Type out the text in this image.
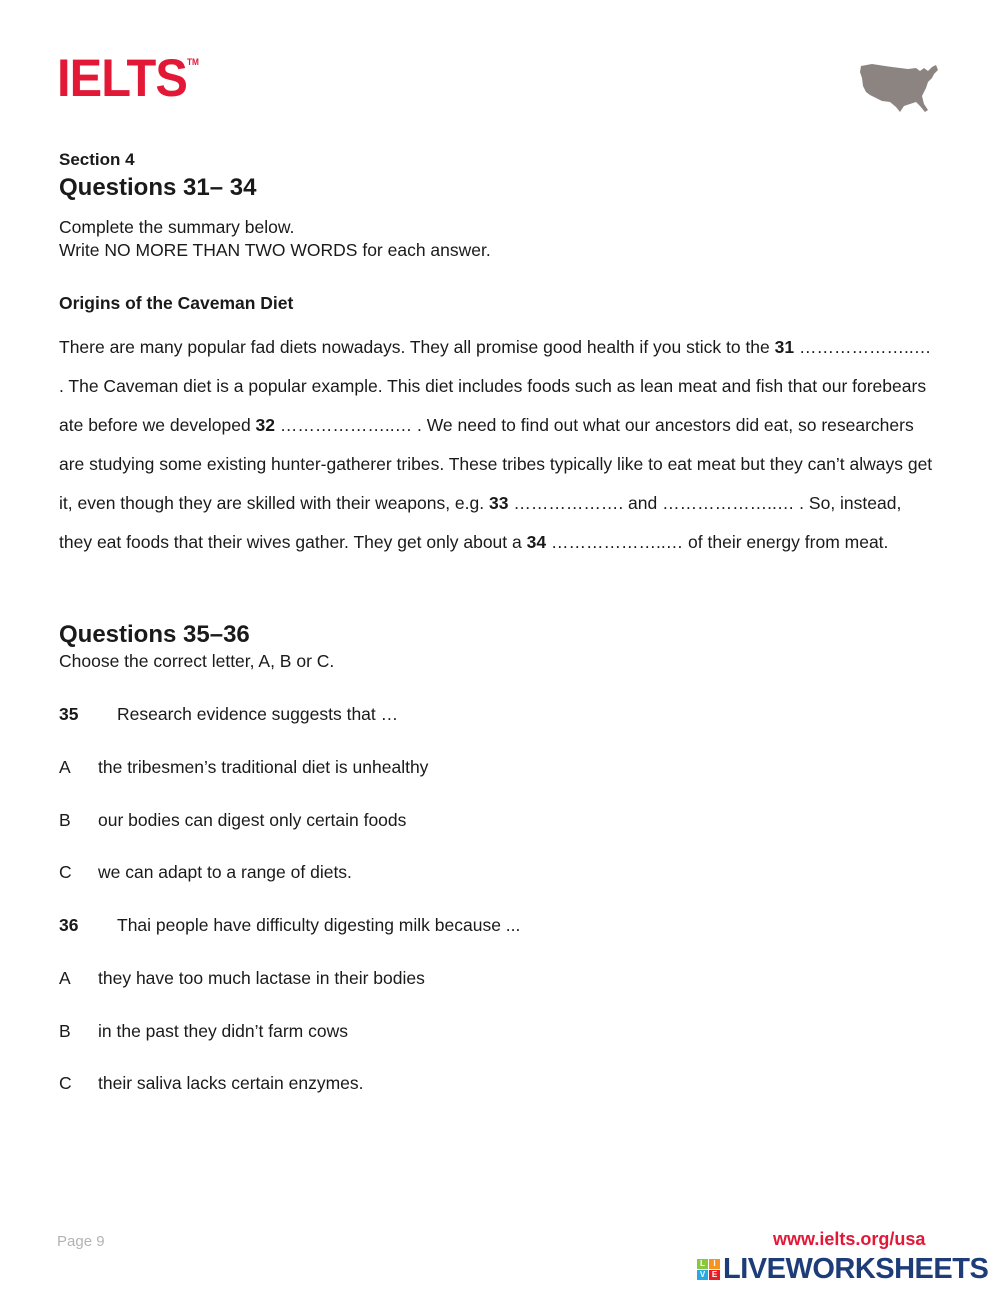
IELTS™
Section 4
Questions 31– 34
Complete the summary below.
Write NO MORE THAN TWO WORDS for each answer.
Origins of the Caveman Diet
There are many popular fad diets nowadays. They all promise good health if you stick to the 31 ………………..… . The Caveman diet is a popular example. This diet includes foods such as lean meat and fish that our forebears ate before we developed 32 ………………..… . We need to find out what our ancestors did eat, so researchers are studying some existing hunter-gatherer tribes. These tribes typically like to eat meat but they can’t always get it, even though they are skilled with their weapons, e.g. 33 ………………. and ………………..… . So, instead, they eat foods that their wives gather. They get only about a 34 ………………..… of their energy from meat.
Questions 35–36
Choose the correct letter, A, B or C.
35 Research evidence suggests that …
A the tribesmen’s traditional diet is unhealthy
B our bodies can digest only certain foods
C we can adapt to a range of diets.
36 Thai people have difficulty digesting milk because ...
A they have too much lactase in their bodies
B in the past they didn’t farm cows
C their saliva lacks certain enzymes.
Page 9	www.ielts.org/usa
L	I
V E LIVEWORKSHEETS
